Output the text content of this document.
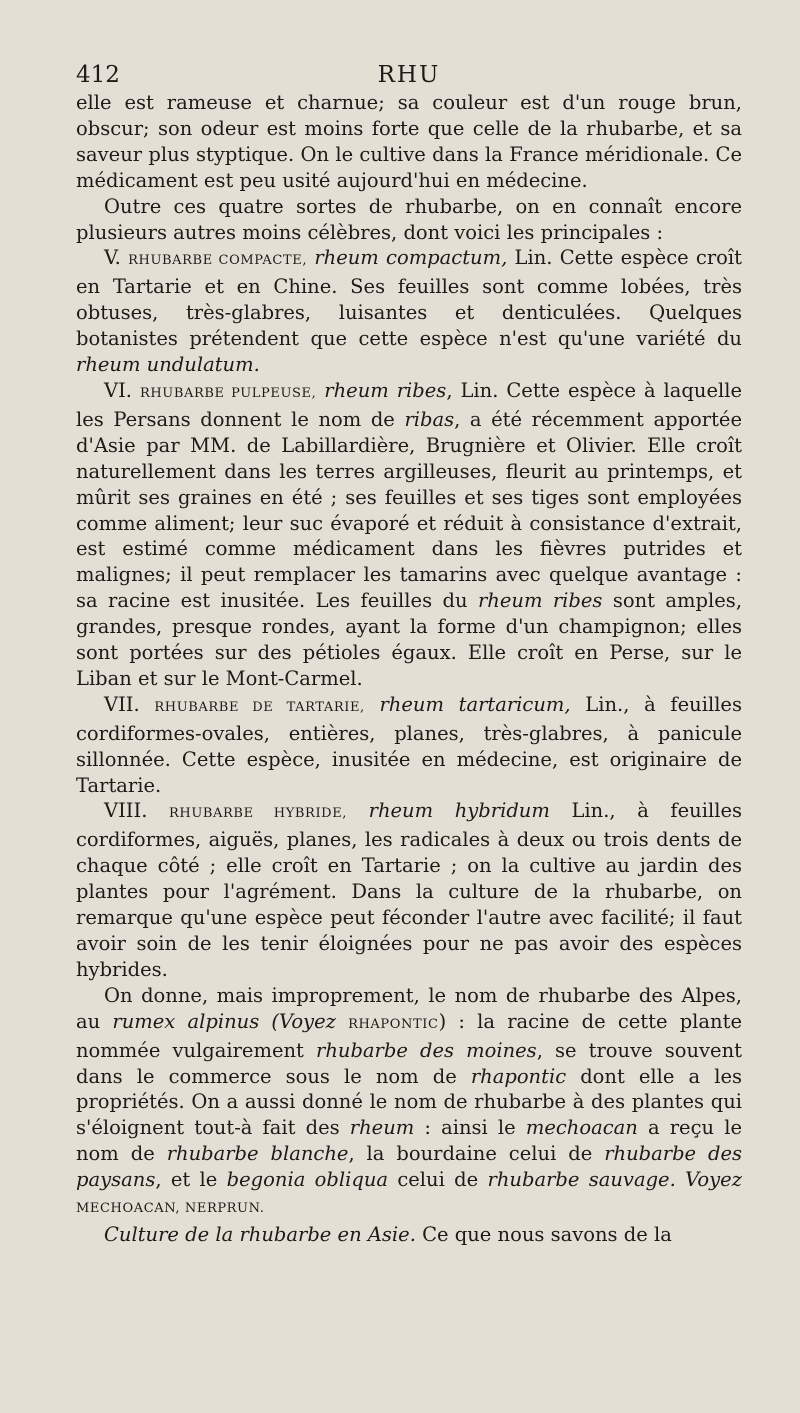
412	RHU

elle est rameuse et charnue; sa couleur est d'un rouge brun, obscur; son odeur est moins forte que celle de la rhubarbe, et sa saveur plus styptique. On le cultive dans la France méridionale. Ce médicament est peu usité aujourd'hui en médecine.

Outre ces quatre sortes de rhubarbe, on en connaît encore plusieurs autres moins célèbres, dont voici les principales :

V. RHUBARBE COMPACTE, rheum compactum, Lin. Cette espèce croît en Tartarie et en Chine. Ses feuilles sont comme lobées, très obtuses, très-glabres, luisantes et denticulées. Quelques botanistes prétendent que cette espèce n'est qu'une variété du rheum undulatum.

VI. RHUBARBE PULPEUSE, rheum ribes, Lin. Cette espèce à laquelle les Persans donnent le nom de ribas, a été récemment apportée d'Asie par MM. de Labillardière, Brugnière et Olivier. Elle croît naturellement dans les terres argilleuses, fleurit au printemps, et mûrit ses graines en été ; ses feuilles et ses tiges sont employées comme aliment; leur suc évaporé et réduit à consistance d'extrait, est estimé comme médicament dans les fièvres putrides et malignes; il peut remplacer les tamarins avec quelque avantage : sa racine est inusitée. Les feuilles du rheum ribes sont amples, grandes, presque rondes, ayant la forme d'un champignon; elles sont portées sur des pétioles égaux. Elle croît en Perse, sur le Liban et sur le Mont-Carmel.

VII. RHUBARBE DE TARTARIE, rheum tartaricum, Lin., à feuilles cordiformes-ovales, entières, planes, très-glabres, à panicule sillonnée. Cette espèce, inusitée en médecine, est originaire de Tartarie.

VIII. RHUBARBE HYBRIDE, rheum hybridum Lin., à feuilles cordiformes, aiguës, planes, les radicales à deux ou trois dents de chaque côté ; elle croît en Tartarie ; on la cultive au jardin des plantes pour l'agrément. Dans la culture de la rhubarbe, on remarque qu'une espèce peut féconder l'autre avec facilité; il faut avoir soin de les tenir éloignées pour ne pas avoir des espèces hybrides.

On donne, mais improprement, le nom de rhubarbe des Alpes, au rumex alpinus (Voyez RHAPONTIC) : la racine de cette plante nommée vulgairement rhubarbe des moines, se trouve souvent dans le commerce sous le nom de rhapontic dont elle a les propriétés. On a aussi donné le nom de rhubarbe à des plantes qui s'éloignent tout-à fait des rheum : ainsi le mechoacan a reçu le nom de rhubarbe blanche, la bourdaine celui de rhubarbe des paysans, et le begonia obliqua celui de rhubarbe sauvage. Voyez MECHOACAN, NERPRUN.

Culture de la rhubarbe en Asie. Ce que nous savons de la
